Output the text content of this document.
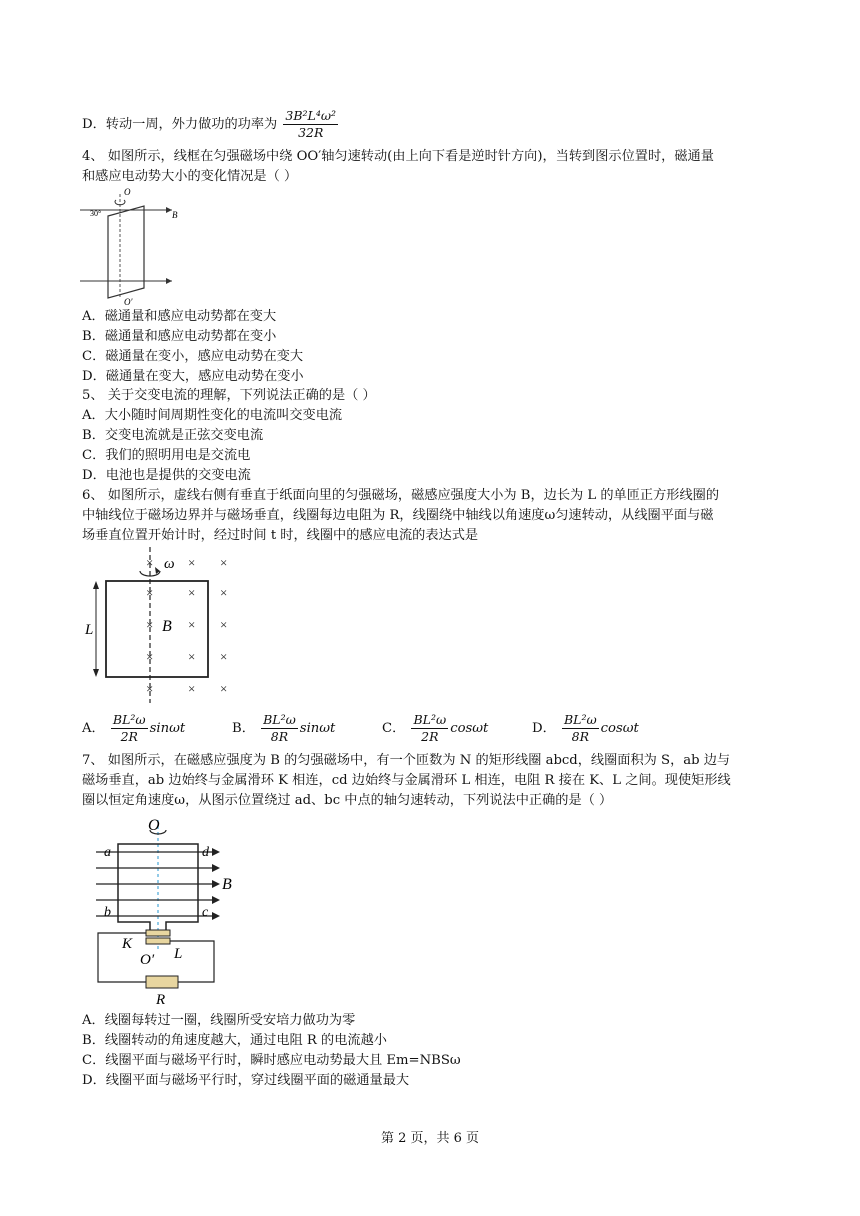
D．转动一周，外力做功的功率为 $\frac{\text{3B²L⁴ω²}}{32R}$
4、 如图所示，线框在匀强磁场中绕 OO′轴匀速转动(由上向下看是逆时针方向)，当转到图示位置时，磁通量
和感应电动势大小的变化情况是（ ）
O
30°	B
O′
A．磁通量和感应电动势都在变大
B．磁通量和感应电动势都在变小
C．磁通量在变小，感应电动势在变大
D．磁通量在变大，感应电动势在变小
5、 关于交变电流的理解，下列说法正确的是（ ）
A．大小随时间周期性变化的电流叫交变电流
B．交变电流就是正弦交变电流
C．我们的照明用电是交流电
D．电池也是提供的交变电流
6、 如图所示，虚线右侧有垂直于纸面向里的匀强磁场，磁感应强度大小为 B，边长为 L 的单匝正方形线圈的
中轴线位于磁场边界并与磁场垂直，线圈每边电阻为 R，线圈绕中轴线以角速度ω匀速转动，从线圈平面与磁
场垂直位置开始计时，经过时间 t 时，线圈中的感应电流的表达式是
L
ω
B
×	× ×
×	× ×
×	× ×
×	× ×
×	× ×
A． $\frac{\text{BL²ω}}{2R}$ sinωt	B． $\frac{\text{BL²ω}}{8R}$ sinωt	C． $\frac{\text{BL²ω}}{2R}$ cosωt	D． $\frac{\text{BL²ω}}{8R}$ cosωt
7、 如图所示，在磁感应强度为 B 的匀强磁场中，有一个匝数为 N 的矩形线圈 abcd，线圈面积为 S，ab 边与
磁场垂直，ab 边始终与金属滑环 K 相连，cd 边始终与金属滑环 L 相连，电阻 R 接在 K、L 之间。现使矩形线
圈以恒定角速度ω，从图示位置绕过 ad、bc 中点的轴匀速转动，下列说法中正确的是（ ）
O
a	d
b	c
B
K
L
O′
R
A．线圈每转过一圈，线圈所受安培力做功为零
B．线圈转动的角速度越大，通过电阻 R 的电流越小
C．线圈平面与磁场平行时，瞬时感应电动势最大且 Em=NBSω
D．线圈平面与磁场平行时，穿过线圈平面的磁通量最大
第 2 页，共 6 页
